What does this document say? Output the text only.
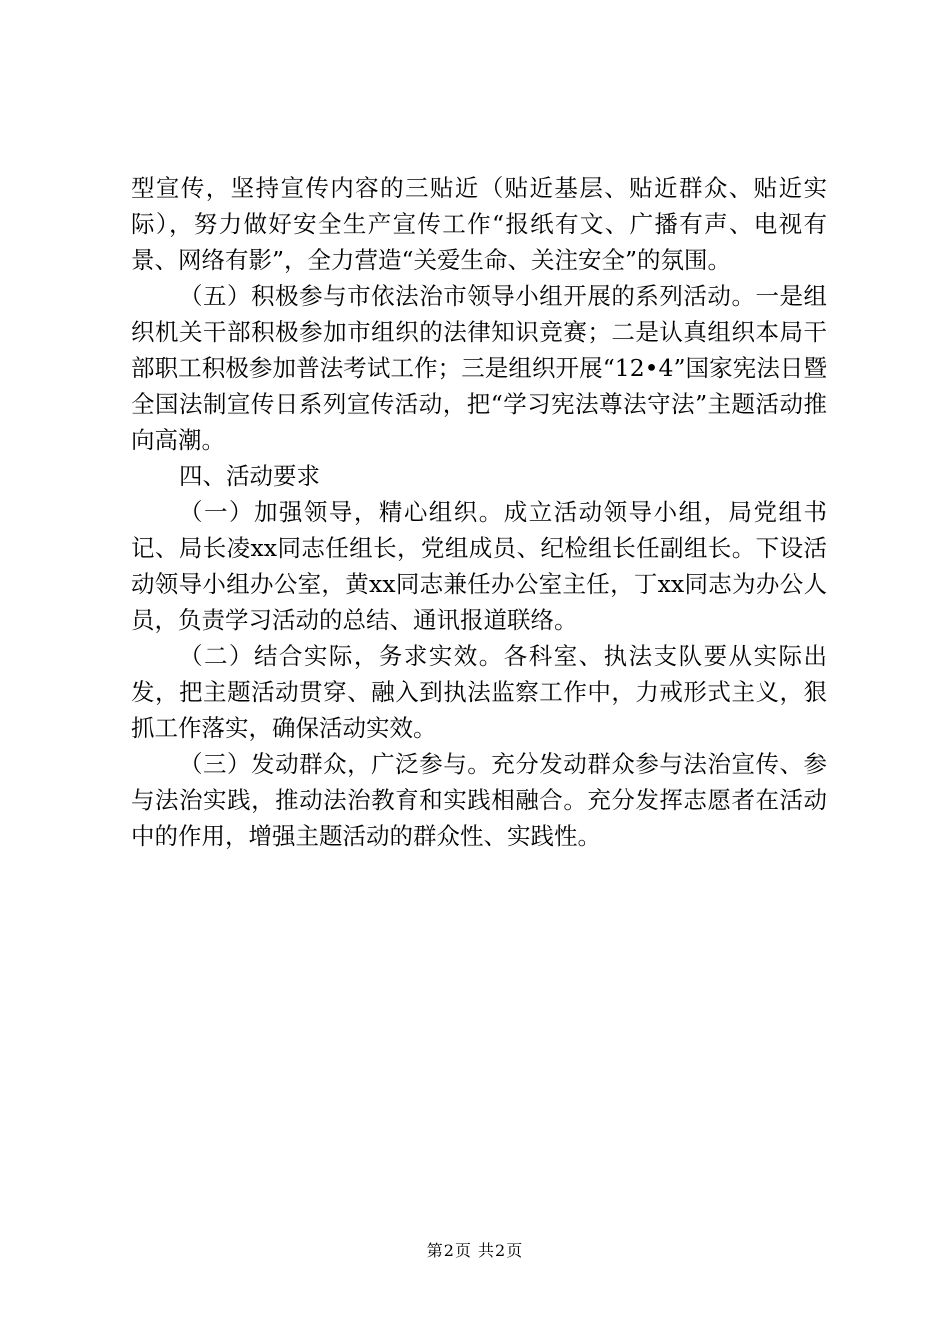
型宣传，坚持宣传内容的三贴近（贴近基层、贴近群众、贴近实际），努力做好安全生产宣传工作“报纸有文、广播有声、电视有景、网络有影”，全力营造“关爱生命、关注安全”的氛围。

（五）积极参与市依法治市领导小组开展的系列活动。一是组织机关干部积极参加市组织的法律知识竞赛；二是认真组织本局干部职工积极参加普法考试工作；三是组织开展“12•4”国家宪法日暨全国法制宣传日系列宣传活动，把“学习宪法尊法守法”主题活动推向高潮。

四、活动要求

（一）加强领导，精心组织。成立活动领导小组，局党组书记、局长凌xx同志任组长，党组成员、纪检组长任副组长。下设活动领导小组办公室，黄xx同志兼任办公室主任，丁xx同志为办公人员，负责学习活动的总结、通讯报道联络。

（二）结合实际，务求实效。各科室、执法支队要从实际出发，把主题活动贯穿、融入到执法监察工作中，力戒形式主义，狠抓工作落实，确保活动实效。

（三）发动群众，广泛参与。充分发动群众参与法治宣传、参与法治实践，推动法治教育和实践相融合。充分发挥志愿者在活动中的作用，增强主题活动的群众性、实践性。

第2页 共2页
